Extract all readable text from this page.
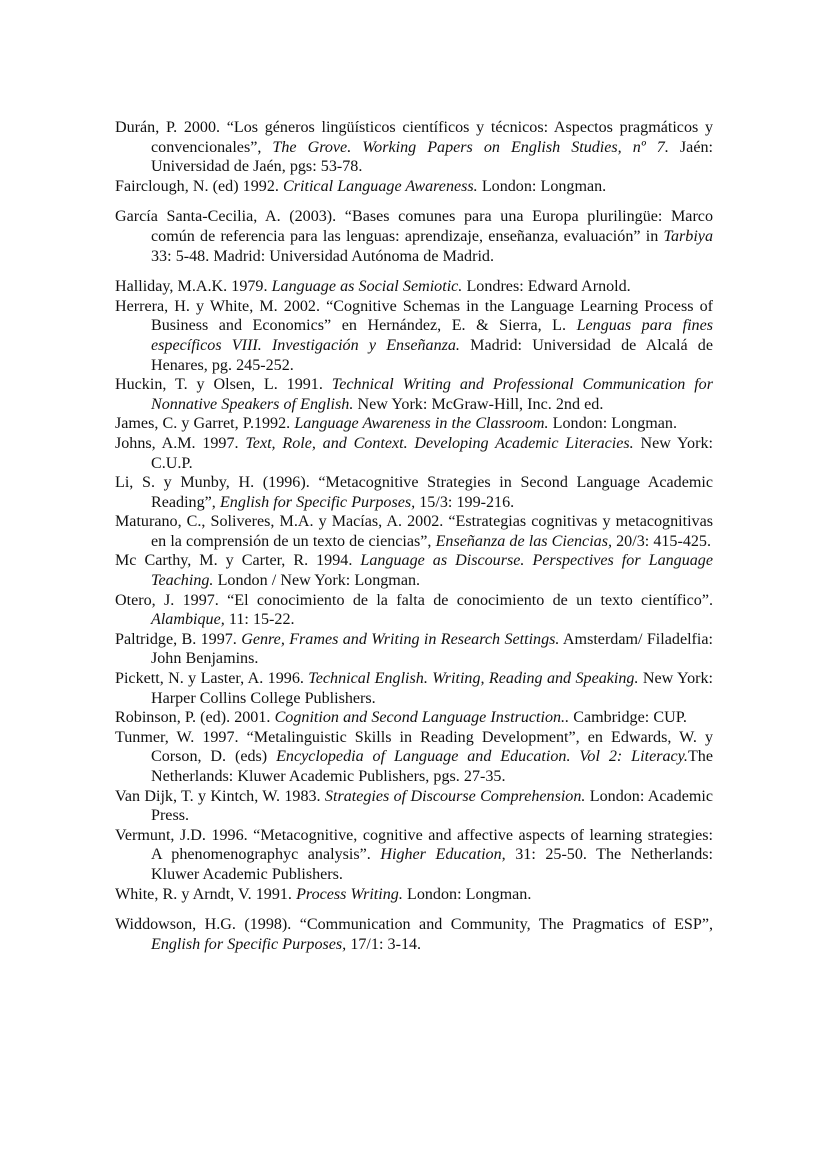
Durán, P. 2000. “Los géneros lingüísticos científicos y técnicos: Aspectos pragmáticos y convencionales”, The Grove. Working Papers on English Studies, nº 7. Jaén: Universidad de Jaén, pgs: 53-78.

Fairclough, N. (ed) 1992. Critical Language Awareness. London: Longman.

García Santa-Cecilia, A. (2003). “Bases comunes para una Europa plurilingüe: Marco común de referencia para las lenguas: aprendizaje, enseñanza, evaluación” in Tarbiya 33: 5-48. Madrid: Universidad Autónoma de Madrid.

Halliday, M.A.K. 1979. Language as Social Semiotic. Londres: Edward Arnold.

Herrera, H. y White, M. 2002. “Cognitive Schemas in the Language Learning Process of Business and Economics” en Hernández, E. & Sierra, L. Lenguas para fines específicos VIII. Investigación y Enseñanza. Madrid: Universidad de Alcalá de Henares, pg. 245-252.

Huckin, T. y Olsen, L. 1991. Technical Writing and Professional Communication for Nonnative Speakers of English. New York: McGraw-Hill, Inc. 2nd ed.

James, C. y Garret, P.1992. Language Awareness in the Classroom. London: Longman.

Johns, A.M. 1997. Text, Role, and Context. Developing Academic Literacies. New York: C.U.P.

Li, S. y Munby, H. (1996). “Metacognitive Strategies in Second Language Academic Reading”, English for Specific Purposes, 15/3: 199-216.

Maturano, C., Soliveres, M.A. y Macías, A. 2002. “Estrategias cognitivas y metacognitivas en la comprensión de un texto de ciencias”, Enseñanza de las Ciencias, 20/3: 415-425.

Mc Carthy, M. y Carter, R. 1994. Language as Discourse. Perspectives for Language Teaching. London / New York: Longman.

Otero, J. 1997. “El conocimiento de la falta de conocimiento de un texto científico”. Alambique, 11: 15-22.

Paltridge, B. 1997. Genre, Frames and Writing in Research Settings. Amsterdam/ Filadelfia: John Benjamins.

Pickett, N. y Laster, A. 1996. Technical English. Writing, Reading and Speaking. New York: Harper Collins College Publishers.

Robinson, P. (ed). 2001. Cognition and Second Language Instruction.. Cambridge: CUP.

Tunmer, W. 1997. “Metalinguistic Skills in Reading Development”, en Edwards, W. y Corson, D. (eds) Encyclopedia of Language and Education. Vol 2: Literacy.The Netherlands: Kluwer Academic Publishers, pgs. 27-35.

Van Dijk, T. y Kintch, W. 1983. Strategies of Discourse Comprehension. London: Academic Press.

Vermunt, J.D. 1996. “Metacognitive, cognitive and affective aspects of learning strategies: A phenomenographyc analysis”. Higher Education, 31: 25-50. The Netherlands: Kluwer Academic Publishers.

White, R. y Arndt, V. 1991. Process Writing. London: Longman.

Widdowson, H.G. (1998). “Communication and Community, The Pragmatics of ESP”, English for Specific Purposes, 17/1: 3-14.
